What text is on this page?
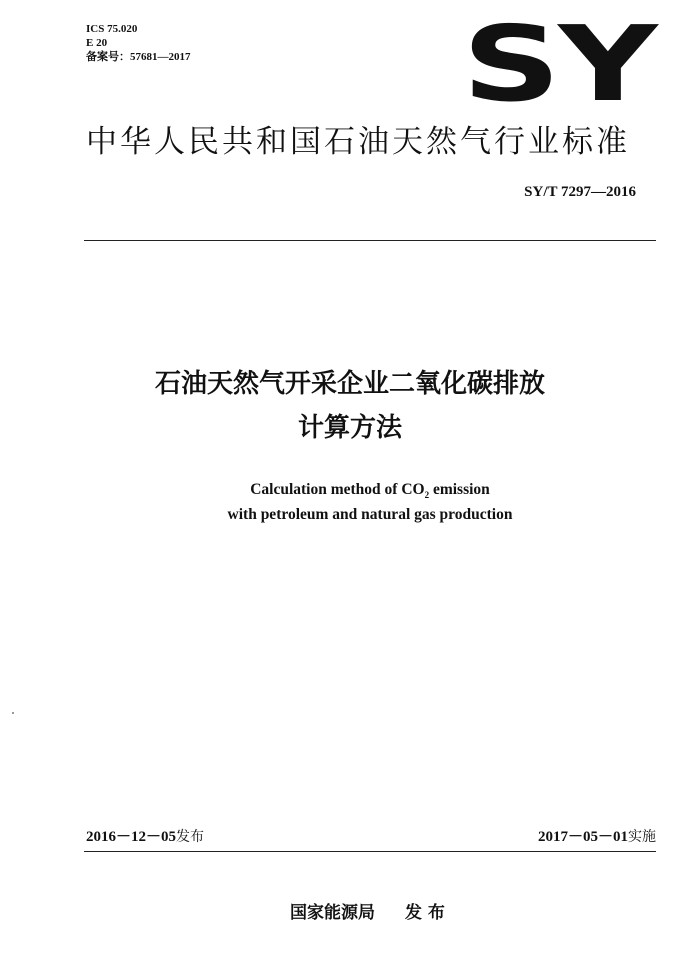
ICS 75.020
E 20
备案号：57681—2017	SY
中华人民共和国石油天然气行业标准
SY/T 7297—2016
石油天然气开采企业二氧化碳排放
计算方法
Calculation method of $CO_2$ emission
with petroleum and natural gas production
2016－12－05发布	2017－05－01实施
国家能源局 发 布
